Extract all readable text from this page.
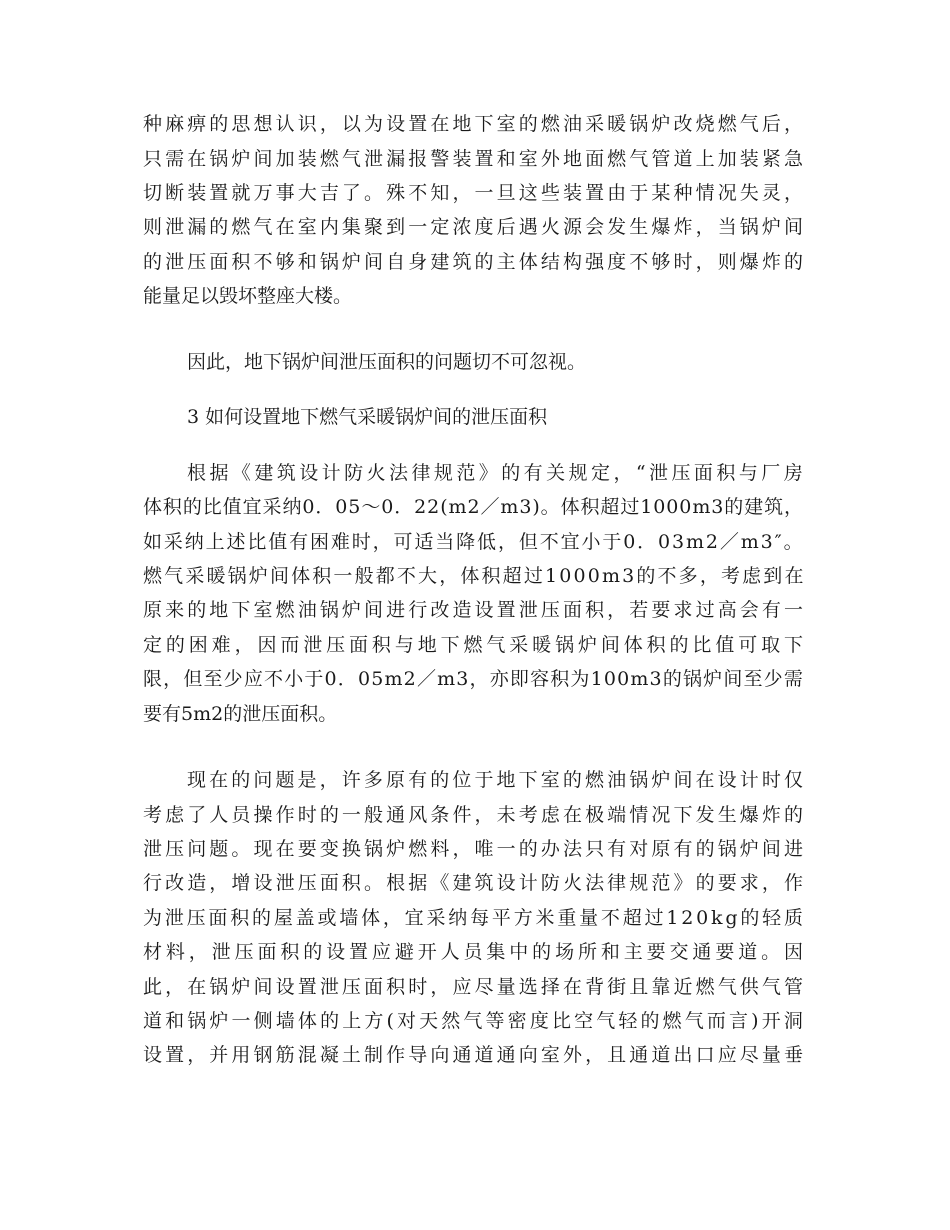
种麻痹的思想认识，以为设置在地下室的燃油采暖锅炉改烧燃气后，
只需在锅炉间加装燃气泄漏报警装置和室外地面燃气管道上加装紧急
切断装置就万事大吉了。殊不知，一旦这些装置由于某种情况失灵，
则泄漏的燃气在室内集聚到一定浓度后遇火源会发生爆炸，当锅炉间
的泄压面积不够和锅炉间自身建筑的主体结构强度不够时，则爆炸的
能量足以毁坏整座大楼。
因此，地下锅炉间泄压面积的问题切不可忽视。
3 如何设置地下燃气采暖锅炉间的泄压面积
根据《建筑设计防火法律规范》的有关规定，“泄压面积与厂房
体积的比值宜采纳0．05～0．22(m2／m3)。体积超过1000m3的建筑，
如采纳上述比值有困难时，可适当降低，但不宜小于0．03m2／m3″。
燃气采暖锅炉间体积一般都不大，体积超过1000m3的不多，考虑到在
原来的地下室燃油锅炉间进行改造设置泄压面积，若要求过高会有一
定的困难，因而泄压面积与地下燃气采暖锅炉间体积的比值可取下
限，但至少应不小于0．05m2／m3，亦即容积为100m3的锅炉间至少需
要有5m2的泄压面积。
现在的问题是，许多原有的位于地下室的燃油锅炉间在设计时仅
考虑了人员操作时的一般通风条件，未考虑在极端情况下发生爆炸的
泄压问题。现在要变换锅炉燃料，唯一的办法只有对原有的锅炉间进
行改造，增设泄压面积。根据《建筑设计防火法律规范》的要求，作
为泄压面积的屋盖或墙体，宜采纳每平方米重量不超过120kg的轻质
材料，泄压面积的设置应避开人员集中的场所和主要交通要道。因
此，在锅炉间设置泄压面积时，应尽量选择在背街且靠近燃气供气管
道和锅炉一侧墙体的上方(对天然气等密度比空气轻的燃气而言)开洞
设置，并用钢筋混凝土制作导向通道通向室外，且通道出口应尽量垂
